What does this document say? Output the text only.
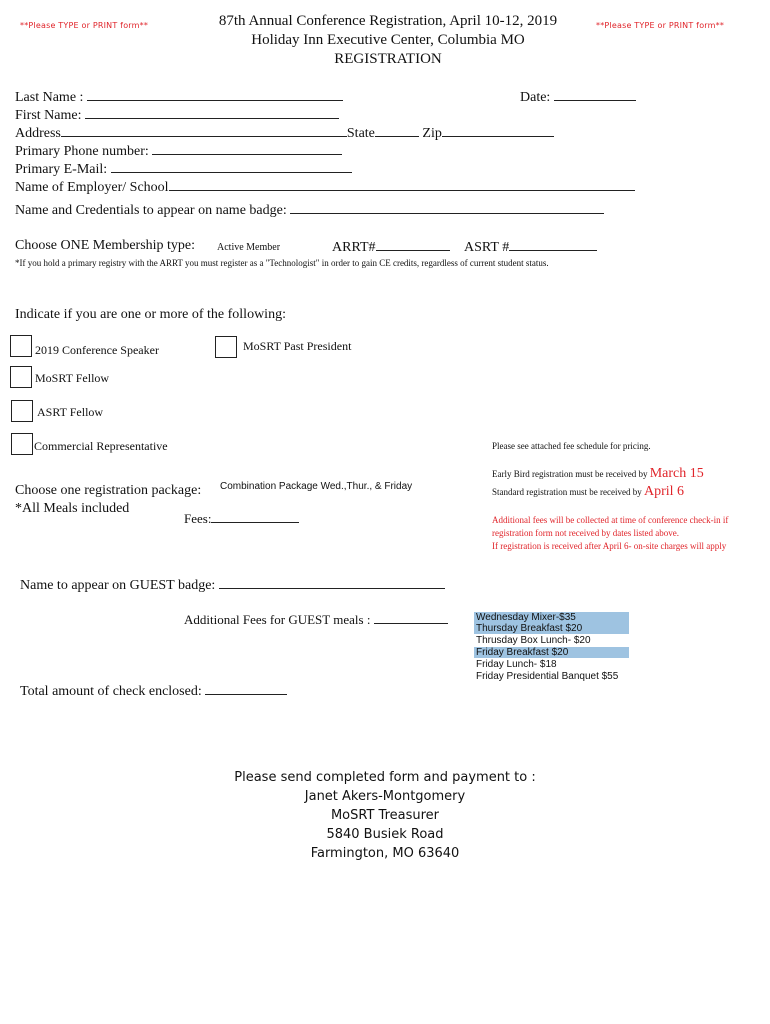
**Please TYPE or PRINT form**	**Please TYPE or PRINT form**
87th Annual Conference Registration, April 10-12, 2019
Holiday Inn Executive Center, Columbia MO
REGISTRATION
Last Name :	Date:
First Name:
Address	State	Zip
Primary Phone number:
Primary E-Mail:
Name of Employer/ School
Name and Credentials to appear on name badge:
Choose ONE Membership type: Active Member	ARRT#	ASRT #
*If you hold a primary registry with the ARRT you must register as a "Technologist" in order to gain CE credits, regardless of current student status.
Indicate if you are one or more of the following:
2019 Conference Speaker	MoSRT Past President
MoSRT Fellow
ASRT Fellow
Commercial Representative	Please see attached fee schedule for pricing.
Early Bird registration must be received by March 15
Standard registration must be received by April 6
Additional fees will be collected at time of conference check-in if
registration form not received by dates listed above.
If registration is received after April 6- on-site charges will apply
Choose one registration package: Combination Package Wed.,Thur., & Friday
*All Meals included
Fees:
Name to appear on GUEST badge:
Additional Fees for GUEST meals :	Wednesday Mixer-$35
Thursday Breakfast $20
Thrusday Box Lunch- $20
Friday Breakfast $20
Friday Lunch- $18
Friday Presidential Banquet $55
Total amount of check enclosed:
Please send completed form and payment to :
Janet Akers-Montgomery
MoSRT Treasurer
5840 Busiek Road
Farmington, MO 63640
